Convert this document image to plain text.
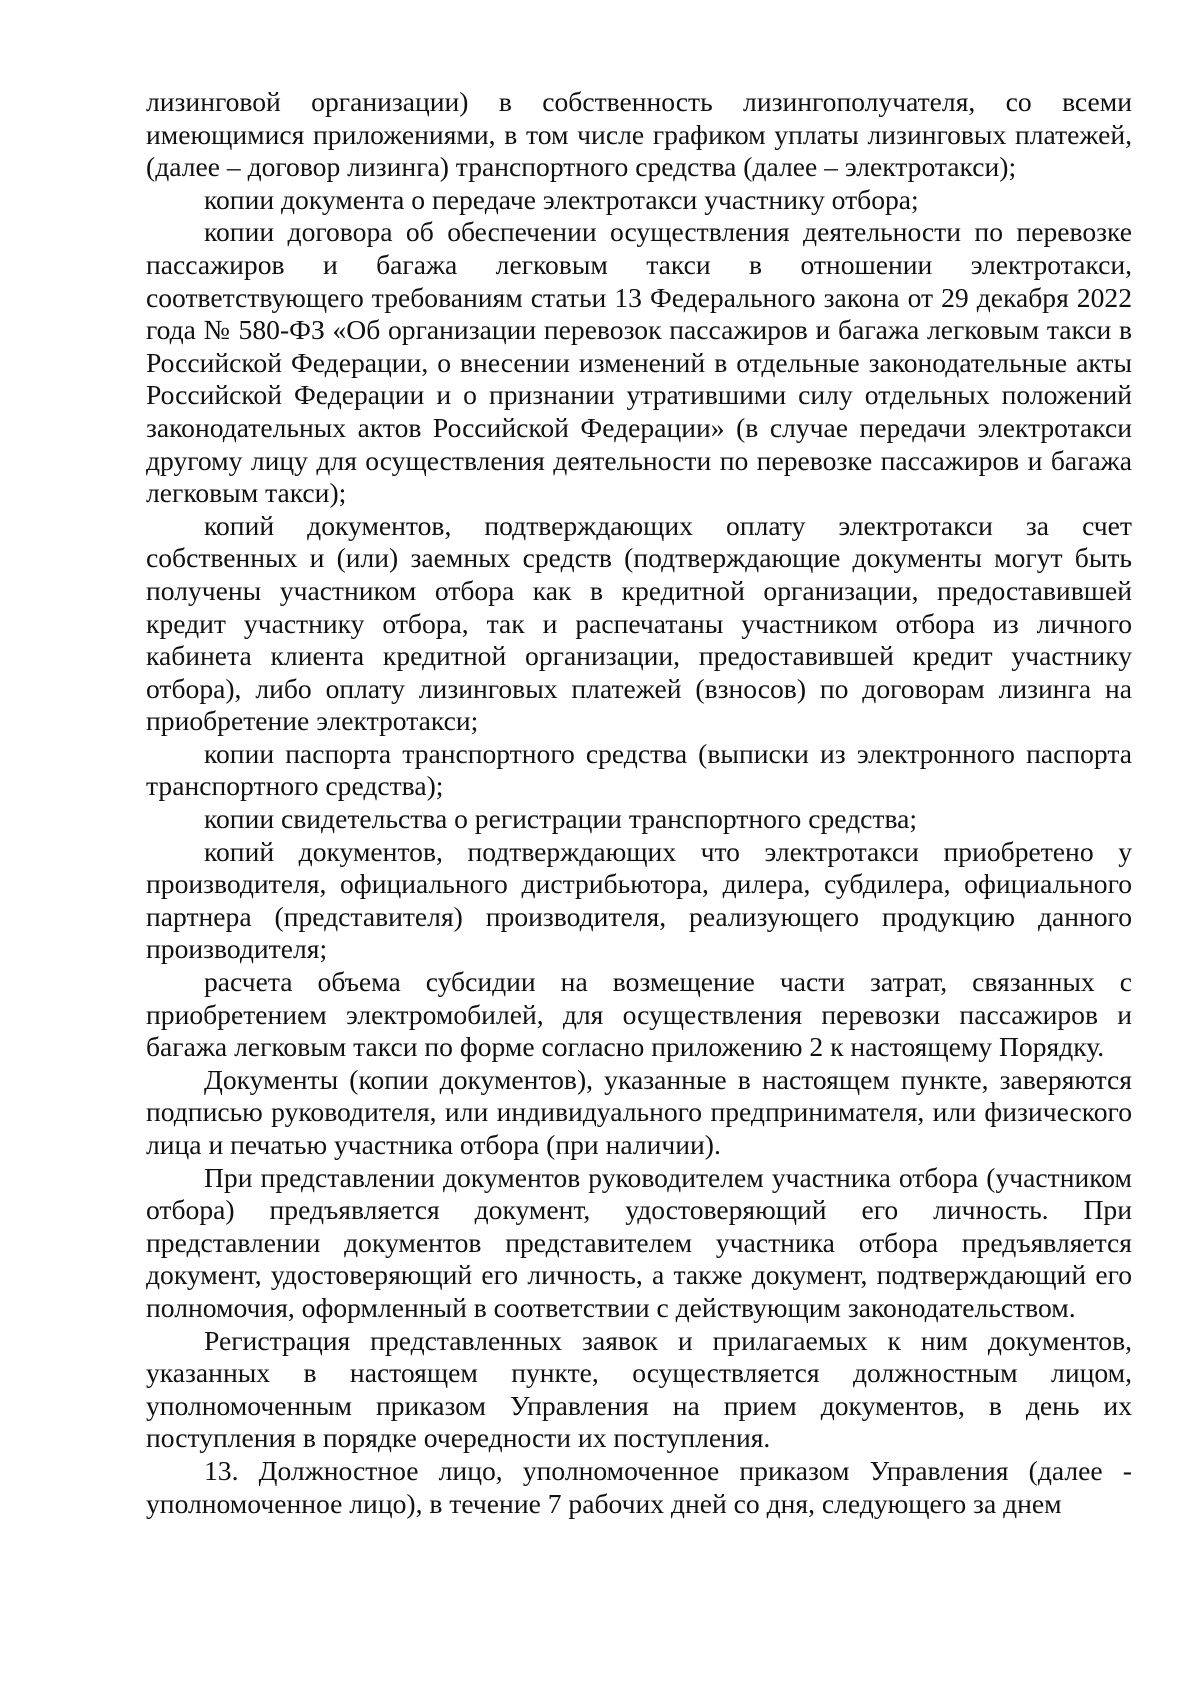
лизинговой организации) в собственность лизингополучателя, со всеми имеющимися приложениями, в том числе графиком уплаты лизинговых платежей, (далее – договор лизинга) транспортного средства (далее – электротакси);

копии документа о передаче электротакси участнику отбора;

копии договора об обеспечении осуществления деятельности по перевозке пассажиров и багажа легковым такси в отношении электротакси, соответствующего требованиям статьи 13 Федерального закона от 29 декабря 2022 года № 580-ФЗ «Об организации перевозок пассажиров и багажа легковым такси в Российской Федерации, о внесении изменений в отдельные законодательные акты Российской Федерации и о признании утратившими силу отдельных положений законодательных актов Российской Федерации» (в случае передачи электротакси другому лицу для осуществления деятельности по перевозке пассажиров и багажа легковым такси);

копий документов, подтверждающих оплату электротакси за счет собственных и (или) заемных средств (подтверждающие документы могут быть получены участником отбора как в кредитной организации, предоставившей кредит участнику отбора, так и распечатаны участником отбора из личного кабинета клиента кредитной организации, предоставившей кредит участнику отбора), либо оплату лизинговых платежей (взносов) по договорам лизинга на приобретение электротакси;

копии паспорта транспортного средства (выписки из электронного паспорта транспортного средства);

копии свидетельства о регистрации транспортного средства;

копий документов, подтверждающих что электротакси приобретено у производителя, официального дистрибьютора, дилера, субдилера, официального партнера (представителя) производителя, реализующего продукцию данного производителя;

расчета объема субсидии на возмещение части затрат, связанных с приобретением электромобилей, для осуществления перевозки пассажиров и багажа легковым такси по форме согласно приложению 2 к настоящему Порядку.

Документы (копии документов), указанные в настоящем пункте, заверяются подписью руководителя, или индивидуального предпринимателя, или физического лица и печатью участника отбора (при наличии).

При представлении документов руководителем участника отбора (участником отбора) предъявляется документ, удостоверяющий его личность. При представлении документов представителем участника отбора предъявляется документ, удостоверяющий его личность, а также документ, подтверждающий его полномочия, оформленный в соответствии с действующим законодательством.

Регистрация представленных заявок и прилагаемых к ним документов, указанных в настоящем пункте, осуществляется должностным лицом, уполномоченным приказом Управления на прием документов, в день их поступления в порядке очередности их поступления.

13. Должностное лицо, уполномоченное приказом Управления (далее - уполномоченное лицо), в течение 7 рабочих дней со дня, следующего за днем
